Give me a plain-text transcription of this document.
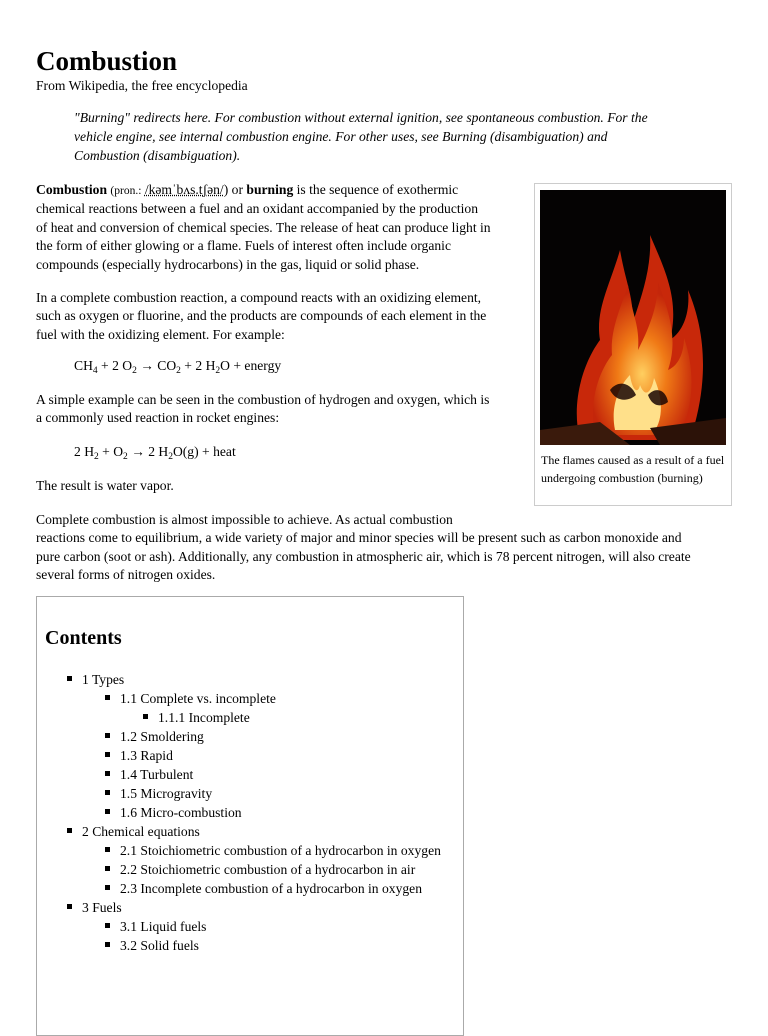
Combustion
From Wikipedia, the free encyclopedia

"Burning" redirects here. For combustion without external ignition, see spontaneous combustion. For the

vehicle engine, see internal combustion engine. For other uses, see Burning (disambiguation) and

Combustion (disambiguation).

Combustion (pron.: /kəmˈbʌs.tʃən/) or burning is the sequence of exothermic
chemical reactions between a fuel and an oxidant accompanied by the production
of heat and conversion of chemical species. The release of heat can produce light in
the form of either glowing or a flame. Fuels of interest often include organic
compounds (especially hydrocarbons) in the gas, liquid or solid phase.
In a complete combustion reaction, a compound reacts with an oxidizing element,
such as oxygen or fluorine, and the products are compounds of each element in the
fuel with the oxidizing element. For example:
$CH_4 + 2$ $O_2 \to CO_2 + 2$ $H_2O$ + energy
A simple example can be seen in the combustion of hydrogen and oxygen, which is
a commonly used reaction in rocket engines:
2 $H_2 + O_2 \to 2$ $H_2O(g)$ + heat
The result is water vapor.
Complete combustion is almost impossible to achieve. As actual combustion
reactions come to equilibrium, a wide variety of major and minor species will be present such as carbon monoxide and
pure carbon (soot or ash). Additionally, any combustion in atmospheric air, which is 78 percent nitrogen, will also create
several forms of nitrogen oxides.
The flames caused as a result of a fuel undergoing combustion (burning)
Contents
1 Types
1.1 Complete vs. incomplete
1.1.1 Incomplete
1.2 Smoldering
1.3 Rapid
1.4 Turbulent
1.5 Microgravity
1.6 Micro-combustion
2 Chemical equations
2.1 Stoichiometric combustion of a hydrocarbon in oxygen
2.2 Stoichiometric combustion of a hydrocarbon in air
2.3 Incomplete combustion of a hydrocarbon in oxygen
3 Fuels
3.1 Liquid fuels
3.2 Solid fuels
